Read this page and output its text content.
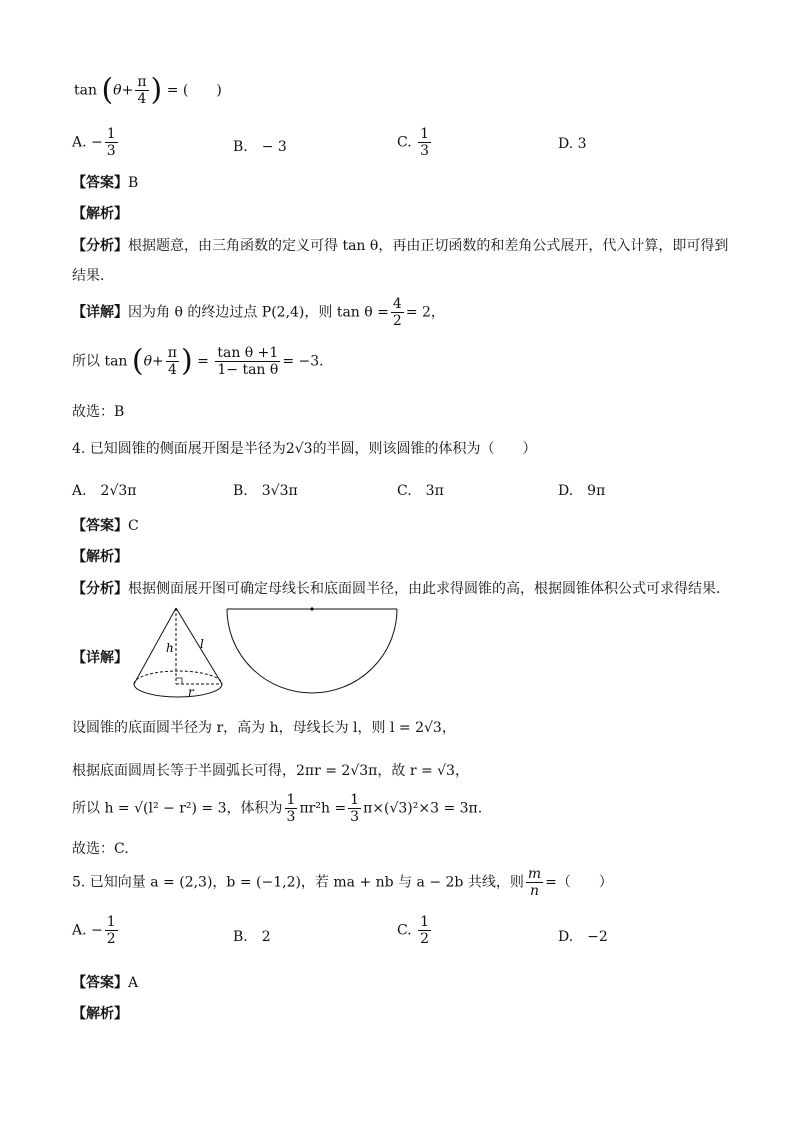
$\tan (\theta+ \frac{\pi}{4}$ ) = (　　)
A. − $\frac{1}{3}$	B.　− 3	C. $\frac{1}{3}$	D. 3
【答案】B
【解析】
【分析】根据题意，由三角函数的定义可得 tan θ，再由正切函数的和差角公式展开，代入计算，即可得到
结果.
【详解】因为角 θ 的终边过点 P(2,4)，则 $\tan \theta = \frac{4}{2} = 2$，
所以 $\tan (\theta+ \frac{\pi}{4}$ ) = $\frac{\text{tan θ +1}}{\text{1− tan θ}} = -3$.
故选：B
4. 已知圆锥的侧面展开图是半径为2√3的半圆，则该圆锥的体积为（　　）
A.　2√3π	B.　3√3π	C.　3π	D.　9π
【答案】C
【解析】
【分析】根据侧面展开图可确定母线长和底面圆半径，由此求得圆锥的高，根据圆锥体积公式可求得结果.
【详解】
h l
r
设圆锥的底面圆半径为 r，高为 h，母线长为 l，则 l = 2√3，
根据底面圆周长等于半圆弧长可得，2πr = 2√3π，故 r = √3，
所以 h = √(l² − r²) = 3，体积为 $\frac{1}{3} \pi r^2h = \frac{1}{3} \pi\times(√3)^2\times 3 = 3\pi$.
故选：C.
5. 已知向量 a = (2,3)，b = (−1,2)，若 ma + nb 与 a − 2b 共线，则 $\frac{m}{n}$ =（　　）
A. − $\frac{1}{2}$	B.　2	C. $\frac{1}{2}$	D.　−2
【答案】A
【解析】
